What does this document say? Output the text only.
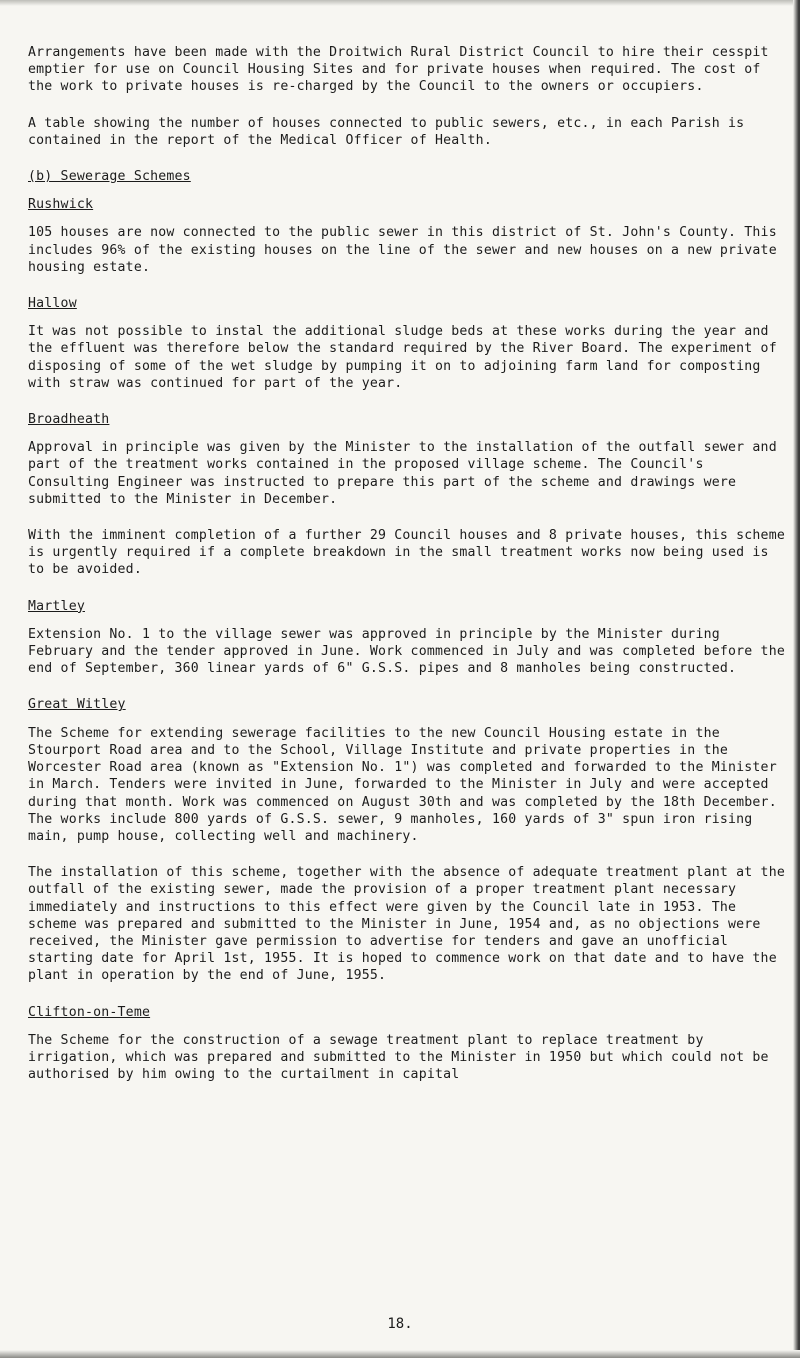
Arrangements have been made with the Droitwich Rural District Council to hire their cesspit emptier for use on Council Housing Sites and for private houses when required. The cost of the work to private houses is re-charged by the Council to the owners or occupiers.

A table showing the number of houses connected to public sewers, etc., in each Parish is contained in the report of the Medical Officer of Health.

(b) Sewerage Schemes

Rushwick

105 houses are now connected to the public sewer in this district of St. John's County. This includes 96% of the existing houses on the line of the sewer and new houses on a new private housing estate.

Hallow

It was not possible to instal the additional sludge beds at these works during the year and the effluent was therefore below the standard required by the River Board. The experiment of disposing of some of the wet sludge by pumping it on to adjoining farm land for composting with straw was continued for part of the year.

Broadheath

Approval in principle was given by the Minister to the installation of the outfall sewer and part of the treatment works contained in the proposed village scheme. The Council's Consulting Engineer was instructed to prepare this part of the scheme and drawings were submitted to the Minister in December.

With the imminent completion of a further 29 Council houses and 8 private houses, this scheme is urgently required if a complete breakdown in the small treatment works now being used is to be avoided.

Martley

Extension No. 1 to the village sewer was approved in principle by the Minister during February and the tender approved in June. Work commenced in July and was completed before the end of September, 360 linear yards of 6" G.S.S. pipes and 8 manholes being constructed.

Great Witley

The Scheme for extending sewerage facilities to the new Council Housing estate in the Stourport Road area and to the School, Village Institute and private properties in the Worcester Road area (known as "Extension No. 1") was completed and forwarded to the Minister in March. Tenders were invited in June, forwarded to the Minister in July and were accepted during that month. Work was commenced on August 30th and was completed by the 18th December. The works include 800 yards of G.S.S. sewer, 9 manholes, 160 yards of 3" spun iron rising main, pump house, collecting well and machinery.

The installation of this scheme, together with the absence of adequate treatment plant at the outfall of the existing sewer, made the provision of a proper treatment plant necessary immediately and instructions to this effect were given by the Council late in 1953. The scheme was prepared and submitted to the Minister in June, 1954 and, as no objections were received, the Minister gave permission to advertise for tenders and gave an unofficial starting date for April 1st, 1955. It is hoped to commence work on that date and to have the plant in operation by the end of June, 1955.

Clifton-on-Teme

The Scheme for the construction of a sewage treatment plant to replace treatment by irrigation, which was prepared and submitted to the Minister in 1950 but which could not be authorised by him owing to the curtailment in capital

18.
